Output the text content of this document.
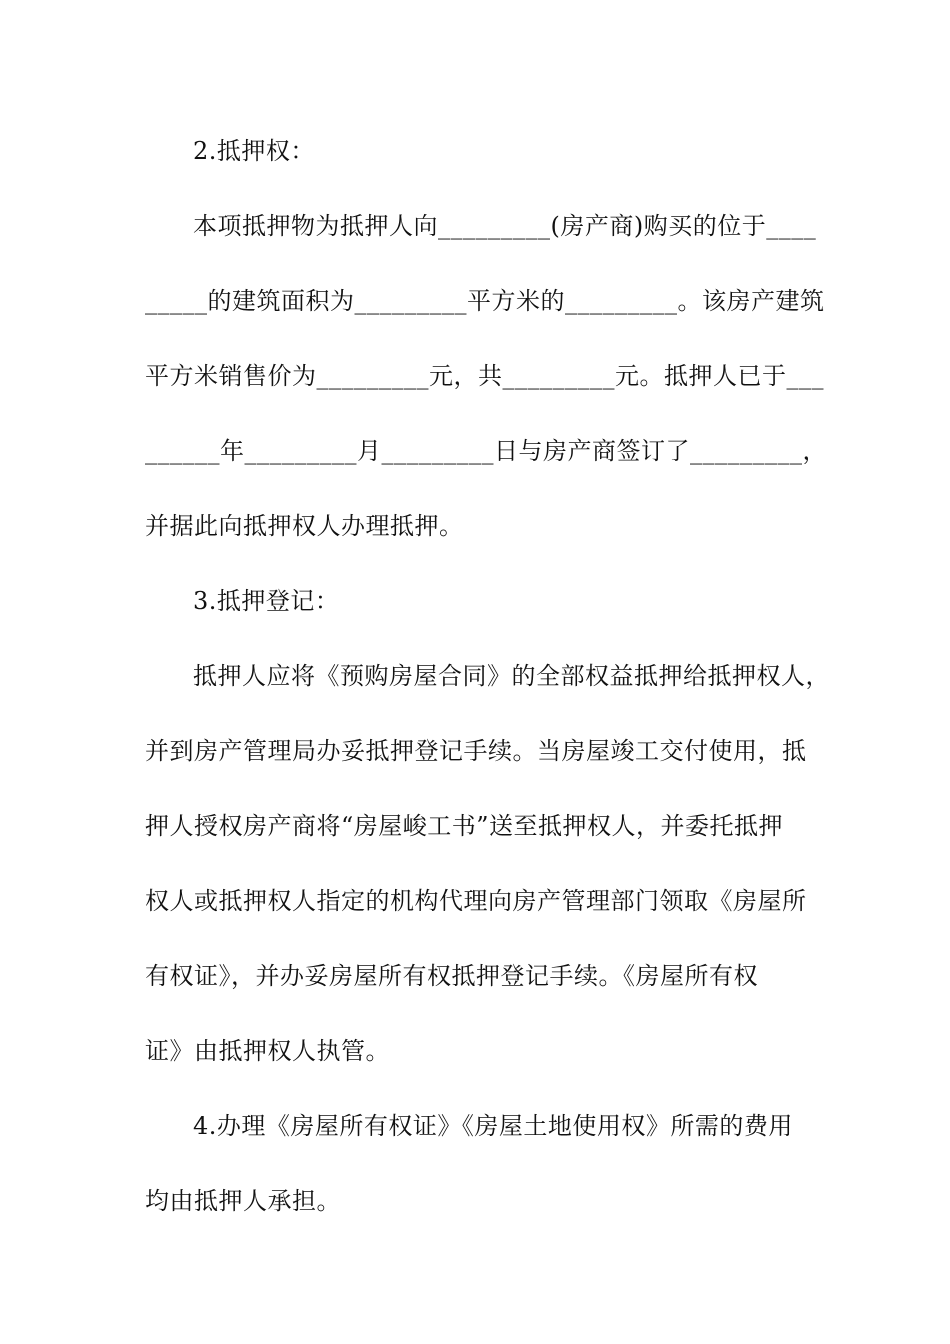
2.抵押权：
本项抵押物为抵押人向_________(房产商)购买的位于____
_____的建筑面积为_________平方米的_________。该房产建筑
平方米销售价为_________元，共_________元。抵押人已于___
______年_________月_________日与房产商签订了_________，
并据此向抵押权人办理抵押。
3.抵押登记：
抵押人应将《预购房屋合同》的全部权益抵押给抵押权人，
并到房产管理局办妥抵押登记手续。当房屋竣工交付使用，抵
押人授权房产商将“房屋峻工书”送至抵押权人，并委托抵押
权人或抵押权人指定的机构代理向房产管理部门领取《房屋所
有权证》，并办妥房屋所有权抵押登记手续。《房屋所有权
证》由抵押权人执管。
4.办理《房屋所有权证》《房屋土地使用权》所需的费用
均由抵押人承担。
